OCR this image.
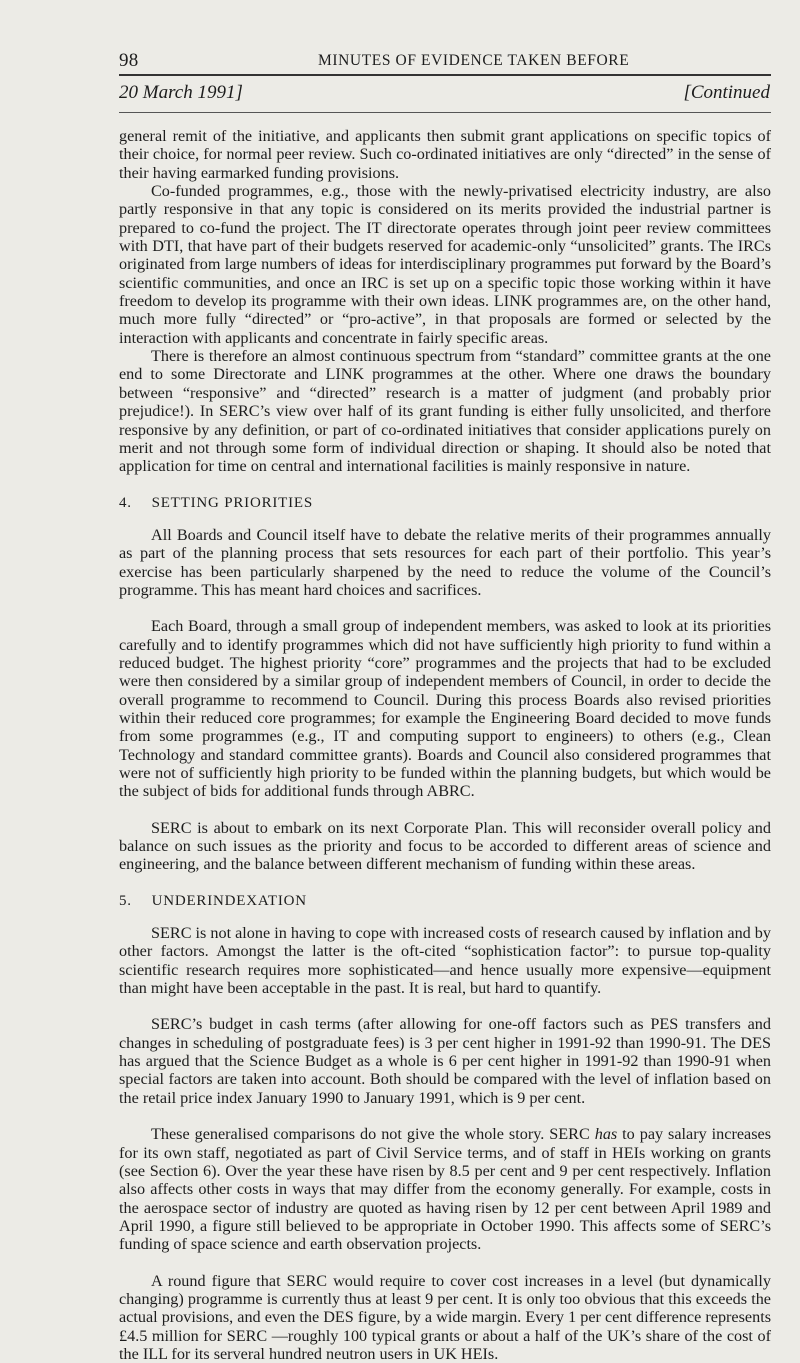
98	MINUTES OF EVIDENCE TAKEN BEFORE
20 March 1991]	[Continued

general remit of the initiative, and applicants then submit grant applications on specific topics of their choice, for normal peer review. Such co-ordinated initiatives are only “directed” in the sense of their having earmarked funding provisions.

Co-funded programmes, e.g., those with the newly-privatised electricity industry, are also partly responsive in that any topic is considered on its merits provided the industrial partner is prepared to co-fund the project. The IT directorate operates through joint peer review committees with DTI, that have part of their budgets reserved for academic-only “unsolicited” grants. The IRCs originated from large numbers of ideas for interdisciplinary programmes put forward by the Board’s scientific communities, and once an IRC is set up on a specific topic those working within it have freedom to develop its programme with their own ideas. LINK programmes are, on the other hand, much more fully “directed” or “pro-active”, in that proposals are formed or selected by the interaction with applicants and concentrate in fairly specific areas.

There is therefore an almost continuous spectrum from “standard” committee grants at the one end to some Directorate and LINK programmes at the other. Where one draws the boundary between “responsive” and “directed” research is a matter of judgment (and probably prior prejudice!). In SERC’s view over half of its grant funding is either fully unsolicited, and therfore responsive by any definition, or part of co-ordinated initiatives that consider applications purely on merit and not through some form of individual direction or shaping. It should also be noted that application for time on central and international facilities is mainly responsive in nature.

4. SETTING PRIORITIES

All Boards and Council itself have to debate the relative merits of their programmes annually as part of the planning process that sets resources for each part of their portfolio. This year’s exercise has been particularly sharpened by the need to reduce the volume of the Council’s programme. This has meant hard choices and sacrifices.

Each Board, through a small group of independent members, was asked to look at its priorities carefully and to identify programmes which did not have sufficiently high priority to fund within a reduced budget. The highest priority “core” programmes and the projects that had to be excluded were then considered by a similar group of independent members of Council, in order to decide the overall programme to recommend to Council. During this process Boards also revised priorities within their reduced core programmes; for example the Engineering Board decided to move funds from some programmes (e.g., IT and computing support to engineers) to others (e.g., Clean Technology and standard committee grants). Boards and Council also considered programmes that were not of sufficiently high priority to be funded within the planning budgets, but which would be the subject of bids for additional funds through ABRC.

SERC is about to embark on its next Corporate Plan. This will reconsider overall policy and balance on such issues as the priority and focus to be accorded to different areas of science and engineering, and the balance between different mechanism of funding within these areas.

5. UNDERINDEXATION

SERC is not alone in having to cope with increased costs of research caused by inflation and by other factors. Amongst the latter is the oft-cited “sophistication factor”: to pursue top-quality scientific research requires more sophisticated—and hence usually more expensive—equipment than might have been acceptable in the past. It is real, but hard to quantify.

SERC’s budget in cash terms (after allowing for one-off factors such as PES transfers and changes in scheduling of postgraduate fees) is 3 per cent higher in 1991-92 than 1990-91. The DES has argued that the Science Budget as a whole is 6 per cent higher in 1991-92 than 1990-91 when special factors are taken into account. Both should be compared with the level of inflation based on the retail price index January 1990 to January 1991, which is 9 per cent.

These generalised comparisons do not give the whole story. SERC has to pay salary increases for its own staff, negotiated as part of Civil Service terms, and of staff in HEIs working on grants (see Section 6). Over the year these have risen by 8.5 per cent and 9 per cent respectively. Inflation also affects other costs in ways that may differ from the economy generally. For example, costs in the aerospace sector of industry are quoted as having risen by 12 per cent between April 1989 and April 1990, a figure still believed to be appropriate in October 1990. This affects some of SERC’s funding of space science and earth observation projects.

A round figure that SERC would require to cover cost increases in a level (but dynamically changing) programme is currently thus at least 9 per cent. It is only too obvious that this exceeds the actual provisions, and even the DES figure, by a wide margin. Every 1 per cent difference represents £4.5 million for SERC —roughly 100 typical grants or about a half of the UK’s share of the cost of the ILL for its serveral hundred neutron users in UK HEIs.
